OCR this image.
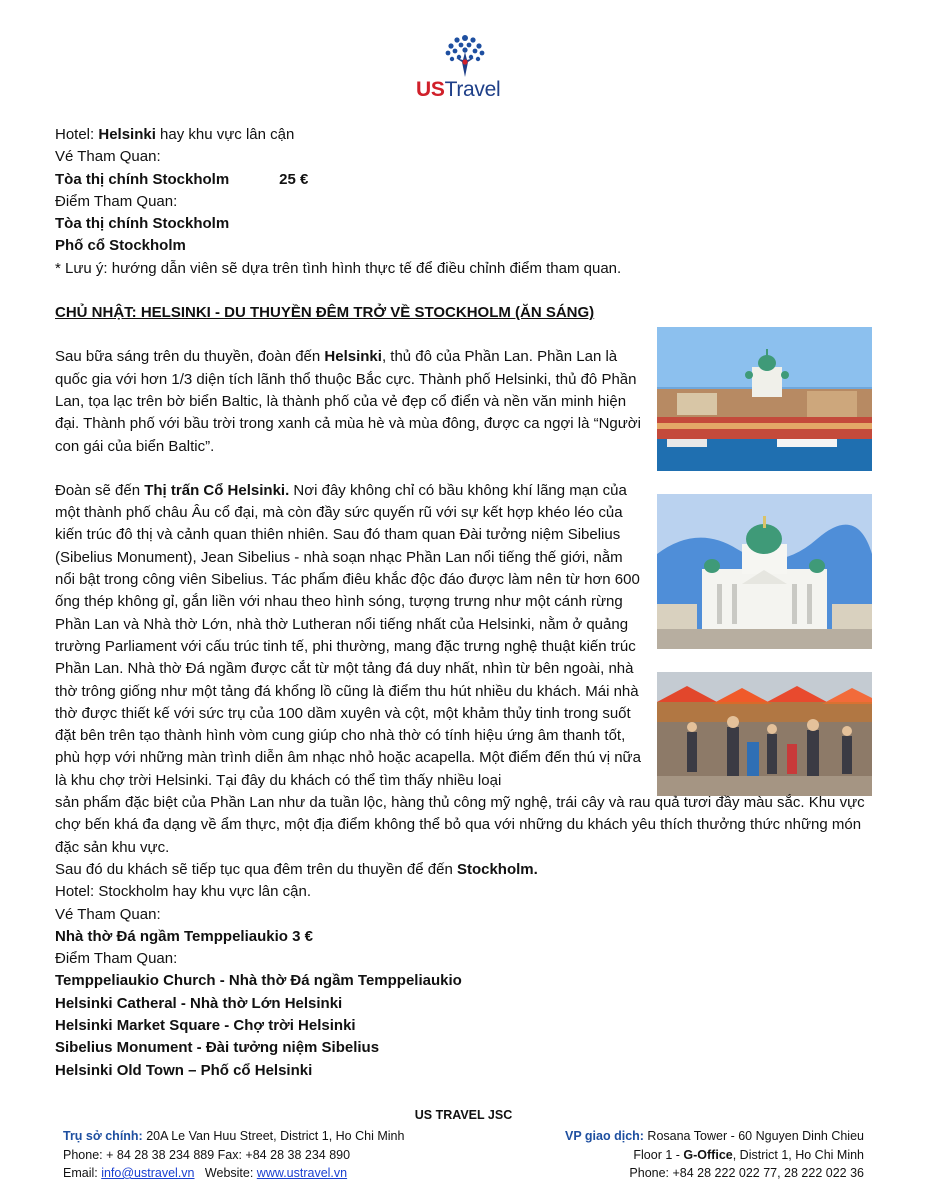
USTravel

Hotel: Helsinki hay khu vực lân cận

Vé Tham Quan:

Tòa thị chính Stockholm	25 €

Điểm Tham Quan:

Tòa thị chính Stockholm

Phố cổ Stockholm

* Lưu ý: hướng dẫn viên sẽ dựa trên tình hình thực tế để điều chỉnh điểm tham quan.

CHỦ NHẬT: HELSINKI - DU THUYỀN ĐÊM TRỞ VỀ STOCKHOLM (ĂN SÁNG)

Sau bữa sáng trên du thuyền, đoàn đến Helsinki, thủ đô của Phần Lan. Phần Lan là quốc gia với hơn 1/3 diện tích lãnh thổ thuộc Bắc cực. Thành phố Helsinki, thủ đô Phần Lan, tọa lạc trên bờ biển Baltic, là thành phố của vẻ đẹp cổ điển và nền văn minh hiện đại. Thành phố với bầu trời trong xanh cả mùa hè và mùa đông, được ca ngợi là “Người con gái của biển Baltic”.

Đoàn sẽ đến Thị trấn Cổ Helsinki. Nơi đây không chỉ có bầu không khí lãng mạn của một thành phố châu Âu cổ đại, mà còn đầy sức quyến rũ với sự kết hợp khéo léo của kiến trúc đô thị và cảnh quan thiên nhiên. Sau đó tham quan Đài tưởng niệm Sibelius (Sibelius Monument), Jean Sibelius - nhà soạn nhạc Phần Lan nổi tiếng thế giới, nằm nổi bật trong công viên Sibelius. Tác phẩm điêu khắc độc đáo được làm nên từ hơn 600 ống thép không gỉ, gắn liền với nhau theo hình sóng, tượng trưng như một cánh rừng Phần Lan và Nhà thờ Lớn, nhà thờ Lutheran nổi tiếng nhất của Helsinki, nằm ở quảng trường Parliament với cấu trúc tinh tế, phi thường, mang đặc trưng nghệ thuật kiến trúc Phần Lan. Nhà thờ Đá ngầm được cắt từ một tảng đá duy nhất, nhìn từ bên ngoài, nhà thờ trông giống như một tảng đá khổng lồ cũng là điểm thu hút nhiều du khách. Mái nhà thờ được thiết kế với sức trụ của 100 dầm xuyên và cột, một khảm thủy tinh trong suốt đặt bên trên tạo thành hình vòm cung giúp cho nhà thờ có tính hiệu ứng âm thanh tốt, phù hợp với những màn trình diễn âm nhạc nhỏ hoặc acapella. Một điểm đến thú vị nữa là khu chợ trời Helsinki. Tại đây du khách có thể tìm thấy nhiều loại

sản phẩm đặc biệt của Phần Lan như da tuần lộc, hàng thủ công mỹ nghệ, trái cây và rau quả tươi đầy màu sắc. Khu vực chợ bến khá đa dạng về ẩm thực, một địa điểm không thể bỏ qua với những du khách yêu thích thưởng thức những món đặc sản khu vực.

Sau đó du khách sẽ tiếp tục qua đêm trên du thuyền để đến Stockholm.

Hotel: Stockholm hay khu vực lân cận.

Vé Tham Quan:

Nhà thờ Đá ngầm Temppeliaukio 3 €

Điểm Tham Quan:

Temppeliaukio Church - Nhà thờ Đá ngầm Temppeliaukio

Helsinki Catheral - Nhà thờ Lớn Helsinki

Helsinki Market Square - Chợ trời Helsinki

Sibelius Monument - Đài tưởng niệm Sibelius

Helsinki Old Town – Phố cổ Helsinki

US TRAVEL JSC
Trụ sở chính: 20A Le Van Huu Street, District 1, Ho Chi Minh
Phone: + 84 28 38 234 889 Fax: +84 28 38 234 890
Email: info@ustravel.vn   Website: www.ustravel.vn
VP giao dịch: Rosana Tower - 60 Nguyen Dinh Chieu
Floor 1 - G-Office, District 1, Ho Chi Minh
Phone: +84 28 222 022 77, 28 222 022 36
